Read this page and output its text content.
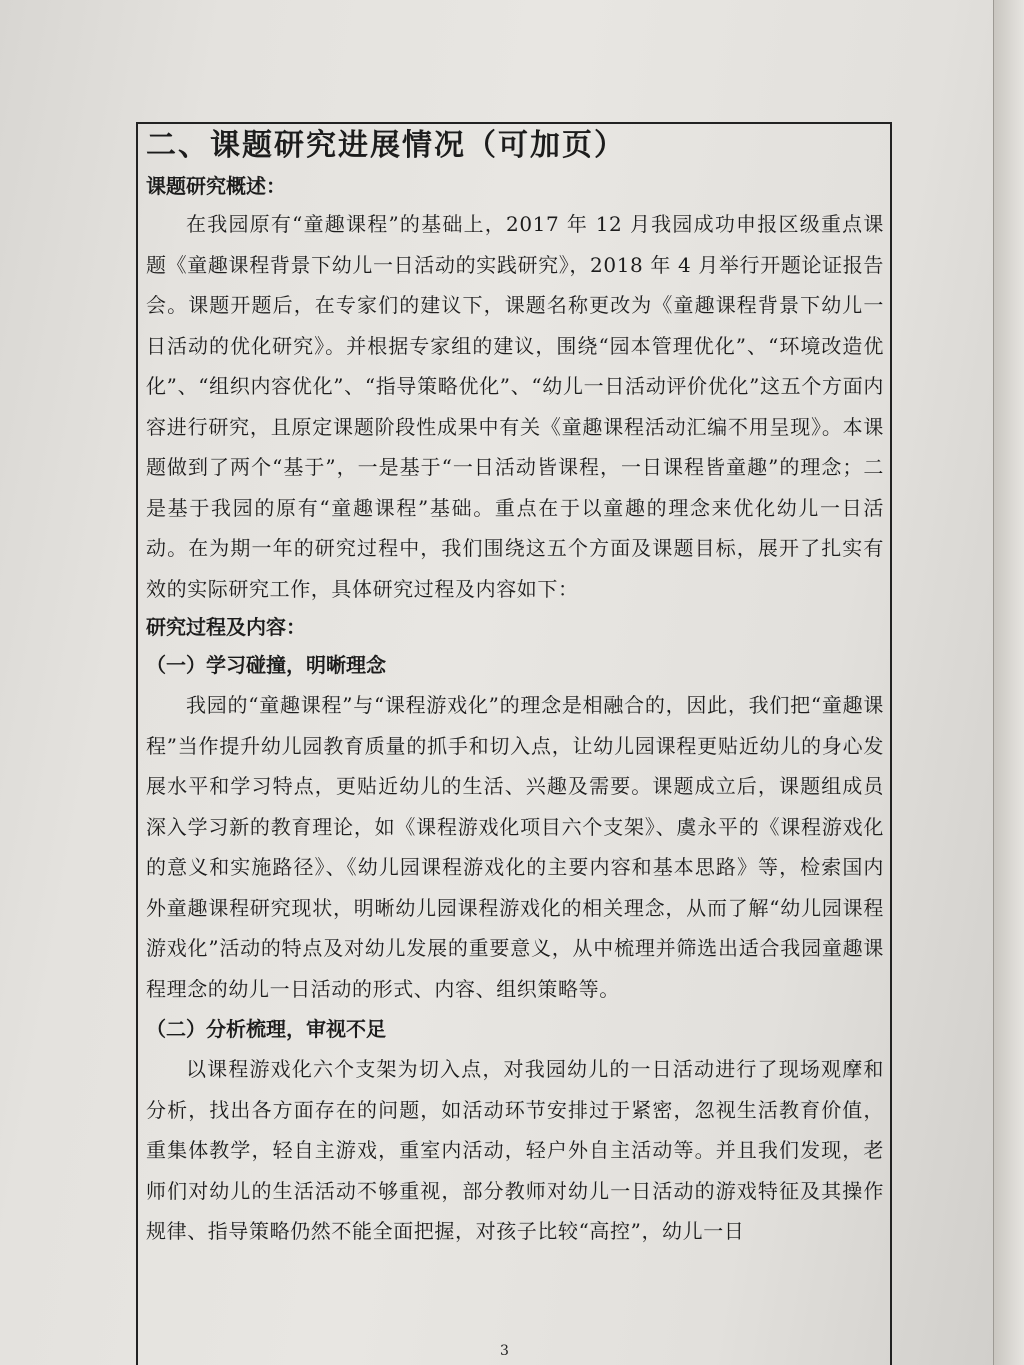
二、课题研究进展情况（可加页）
课题研究概述：

在我园原有“童趣课程”的基础上，2017 年 12 月我园成功申报区级重点课题《童趣课程背景下幼儿一日活动的实践研究》，2018 年 4 月举行开题论证报告会。课题开题后，在专家们的建议下，课题名称更改为《童趣课程背景下幼儿一日活动的优化研究》。并根据专家组的建议，围绕“园本管理优化”、“环境改造优化”、“组织内容优化”、“指导策略优化”、“幼儿一日活动评价优化”这五个方面内容进行研究，且原定课题阶段性成果中有关《童趣课程活动汇编不用呈现》。本课题做到了两个“基于”，一是基于“一日活动皆课程，一日课程皆童趣”的理念；二是基于我园的原有“童趣课程”基础。重点在于以童趣的理念来优化幼儿一日活动。在为期一年的研究过程中，我们围绕这五个方面及课题目标，展开了扎实有效的实际研究工作，具体研究过程及内容如下：

研究过程及内容：
（一）学习碰撞，明晰理念

我园的“童趣课程”与“课程游戏化”的理念是相融合的，因此，我们把“童趣课程”当作提升幼儿园教育质量的抓手和切入点，让幼儿园课程更贴近幼儿的身心发展水平和学习特点，更贴近幼儿的生活、兴趣及需要。课题成立后，课题组成员深入学习新的教育理论，如《课程游戏化项目六个支架》、虞永平的《课程游戏化的意义和实施路径》、《幼儿园课程游戏化的主要内容和基本思路》等，检索国内外童趣课程研究现状，明晰幼儿园课程游戏化的相关理念，从而了解“幼儿园课程游戏化”活动的特点及对幼儿发展的重要意义，从中梳理并筛选出适合我园童趣课程理念的幼儿一日活动的形式、内容、组织策略等。

（二）分析梳理，审视不足

以课程游戏化六个支架为切入点，对我园幼儿的一日活动进行了现场观摩和分析，找出各方面存在的问题，如活动环节安排过于紧密，忽视生活教育价值，重集体教学，轻自主游戏，重室内活动，轻户外自主活动等。并且我们发现，老师们对幼儿的生活活动不够重视，部分教师对幼儿一日活动的游戏特征及其操作规律、指导策略仍然不能全面把握，对孩子比较“高控”，幼儿一日

3
